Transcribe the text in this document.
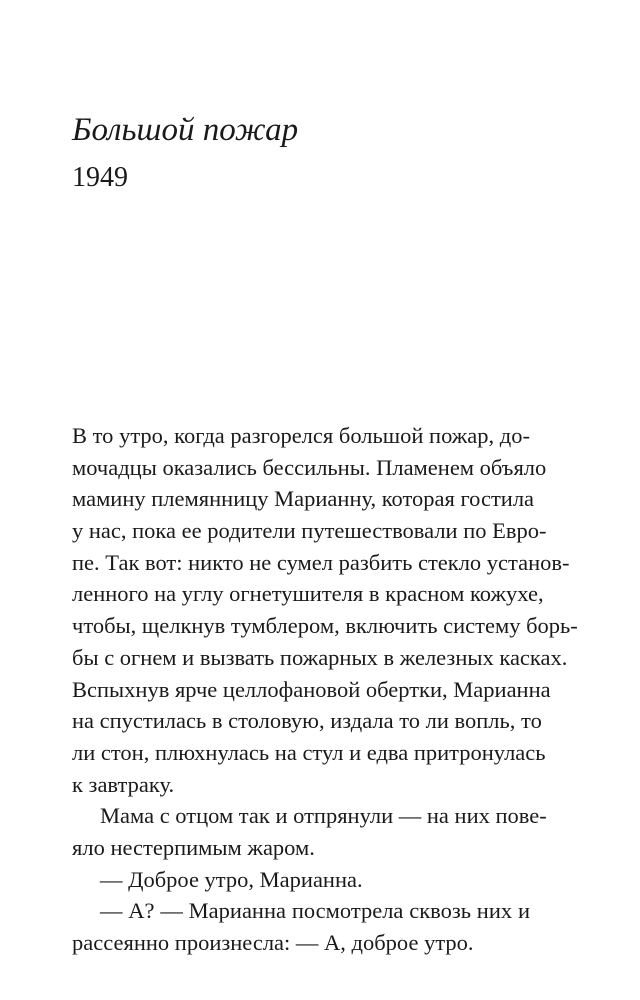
Большой пожар
1949
В то утро, когда разгорелся большой пожар, до-
мочадцы оказались бессильны. Пламенем объяло
мамину племянницу Марианну, которая гостила
у нас, пока ее родители путешествовали по Евро-
пе. Так вот: никто не сумел разбить стекло установ-
ленного на углу огнетушителя в красном кожухе,
чтобы, щелкнув тумблером, включить систему борь-
бы с огнем и вызвать пожарных в железных касках.
Вспыхнув ярче целлофановой обертки, Марианна
на спустилась в столовую, издала то ли вопль, то
ли стон, плюхнулась на стул и едва притронулась
к завтраку.
Мама с отцом так и отпрянули — на них пове-
яло нестерпимым жаром.
— Доброе утро, Марианна.
— А? — Марианна посмотрела сквозь них и
рассеянно произнесла: — А, доброе утро.
